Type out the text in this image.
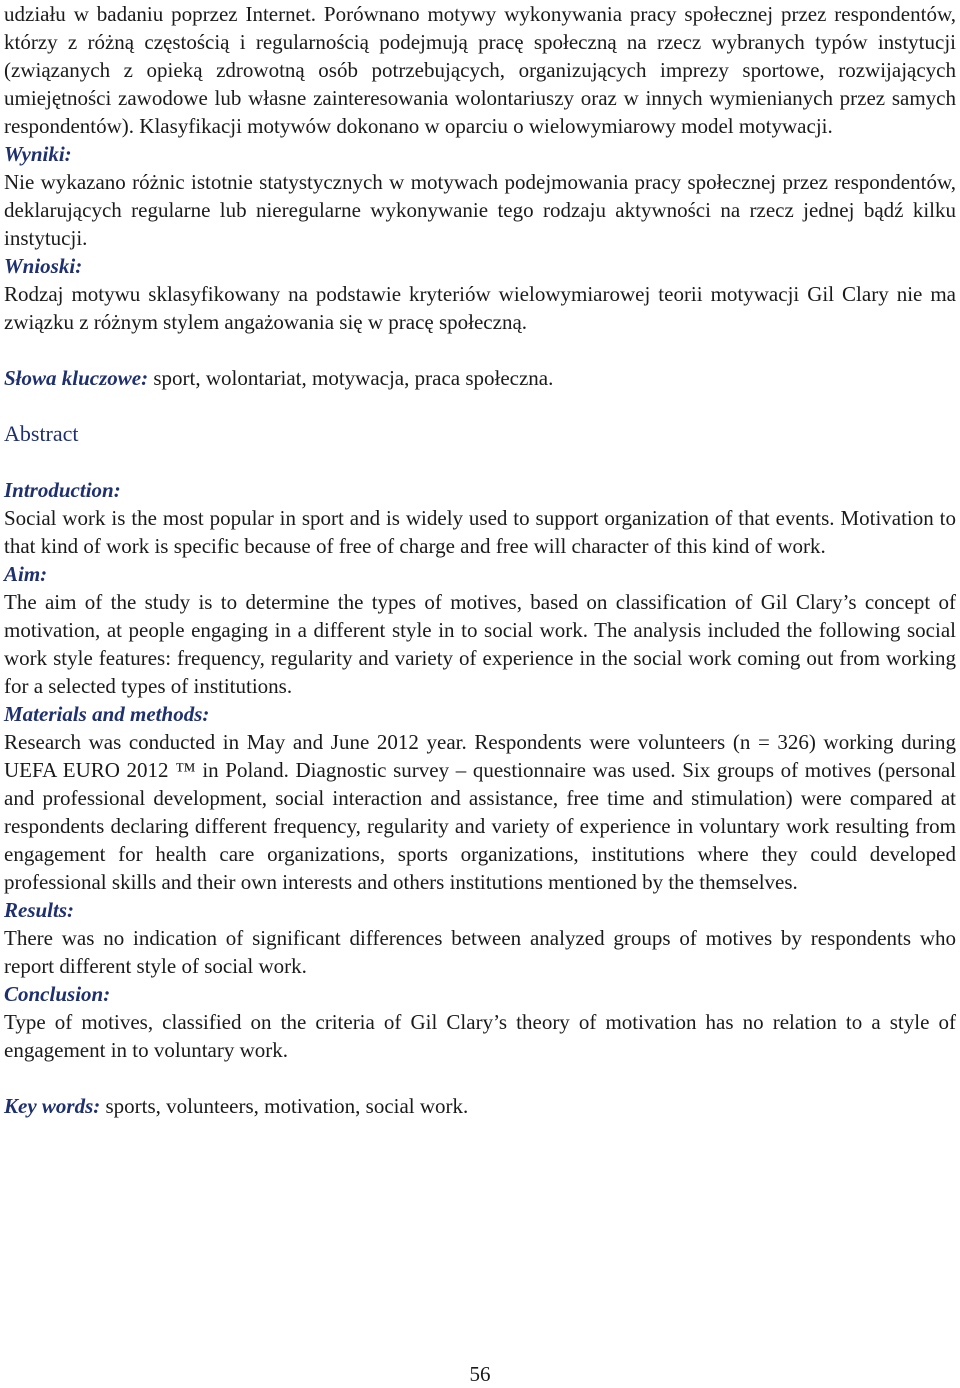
udziału w badaniu poprzez Internet. Porównano motywy wykonywania pracy społecznej przez respondentów, którzy z różną częstością i regularnością podejmują pracę społeczną na rzecz wybranych typów instytucji (związanych z opieką zdrowotną osób potrzebujących, organizujących imprezy sportowe, rozwijających umiejętności zawodowe lub własne zainteresowania wolontariuszy oraz w innych wymienianych przez samych respondentów). Klasyfikacji motywów dokonano w oparciu o wielowymiarowy model motywacji.

Wyniki:

Nie wykazano różnic istotnie statystycznych w motywach podejmowania pracy społecznej przez respondentów, deklarujących regularne lub nieregularne wykonywanie tego rodzaju aktywności na rzecz jednej bądź kilku instytucji.

Wnioski:

Rodzaj motywu sklasyfikowany na podstawie kryteriów wielowymiarowej teorii motywacji Gil Clary nie ma związku z różnym stylem angażowania się w pracę społeczną.

Słowa kluczowe: sport, wolontariat, motywacja, praca społeczna.

Abstract

Introduction:

Social work is the most popular in sport and is widely used to support organization of that events. Motivation to that kind of work is specific because of free of charge and free will character of this kind of work.

Aim:

The aim of the study is to determine the types of motives, based on classification of Gil Clary’s concept of motivation, at people engaging in a different style in to social work. The analysis included the following social work style features: frequency, regularity and variety of experience in the social work coming out from working for a selected types of institutions.

Materials and methods:

Research was conducted in May and June 2012 year. Respondents were volunteers (n = 326) working during UEFA EURO 2012 ™ in Poland. Diagnostic survey – questionnaire was used. Six groups of motives (personal and professional development, social interaction and assistance, free time and stimulation) were compared at respondents declaring different frequency, regularity and variety of experience in voluntary work resulting from engagement for health care organizations, sports organizations, institutions where they could developed professional skills and their own interests and others institutions mentioned by the themselves.

Results:

There was no indication of significant differences between analyzed groups of motives by respondents who report different style of social work.

Conclusion:

Type of motives, classified on the criteria of Gil Clary’s theory of motivation has no relation to a style of engagement in to voluntary work.

Key words: sports, volunteers, motivation, social work.

56
